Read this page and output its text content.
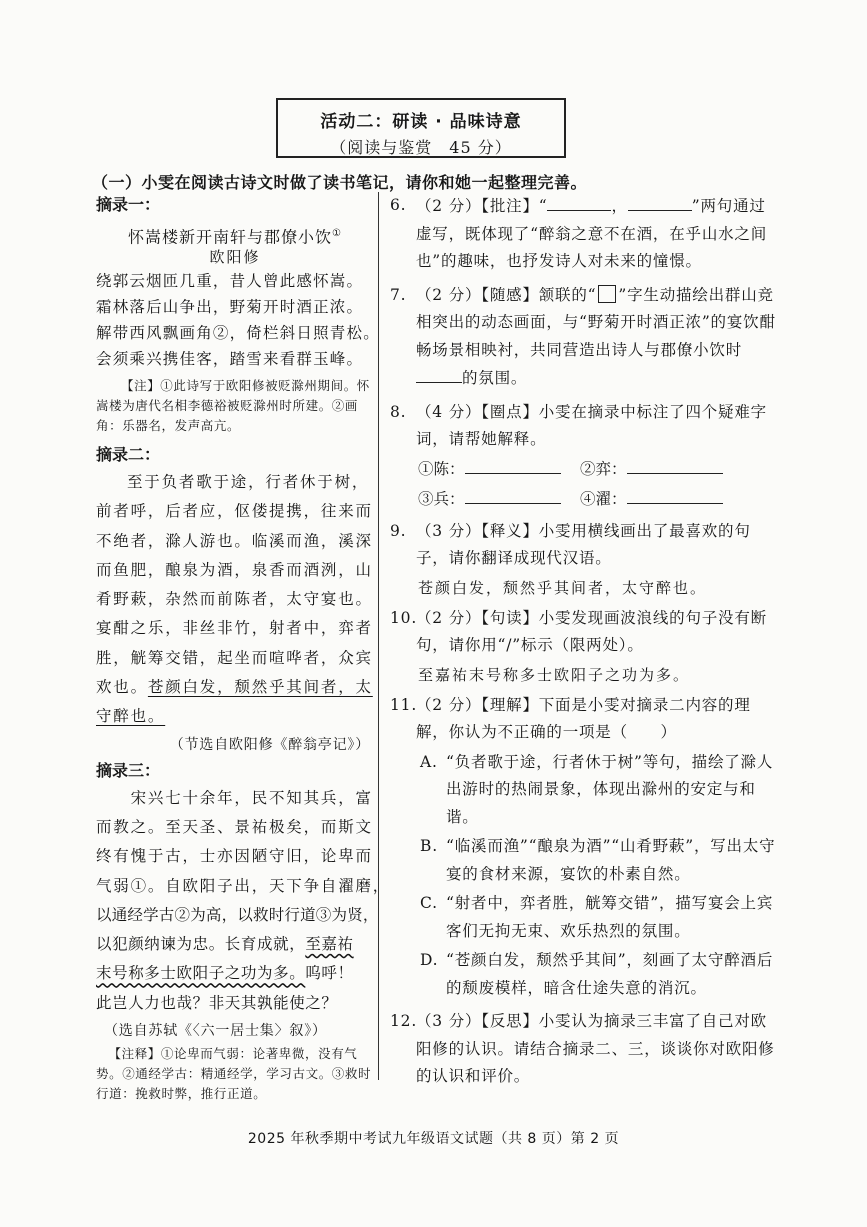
活动二：研读 · 品味诗意
（阅读与鉴赏　45 分）
（一）小雯在阅读古诗文时做了读书笔记，请你和她一起整理完善。
摘录一：
怀嵩楼新开南轩与郡僚小饮①
欧阳修
绕郭云烟匝几重，昔人曾此感怀嵩。
霜林落后山争出，野菊开时酒正浓。
解带西风飘画角②，倚栏斜日照青松。
会须乘兴携佳客，踏雪来看群玉峰。
【注】①此诗写于欧阳修被贬滁州期间。怀嵩楼为唐代名相李德裕被贬滁州时所建。②画角：乐器名，发声高亢。
摘录二：
至于负者歌于途，行者休于树，
前者呼，后者应，伛偻提携，往来而
不绝者，滁人游也。临溪而渔，溪深
而鱼肥，酿泉为酒，泉香而酒洌，山
肴野蔌，杂然而前陈者，太守宴也。
宴酣之乐，非丝非竹，射者中，弈者
胜，觥筹交错，起坐而喧哗者，众宾
欢也。苍颜白发，颓然乎其间者，太
守醉也。
（节选自欧阳修《醉翁亭记》）
摘录三：
　　宋兴七十余年，民不知其兵，富
而教之。至天圣、景祐极矣，而斯文
终有愧于古，士亦因陋守旧，论卑而
气弱①。自欧阳子出，天下争自濯磨，
以通经学古②为高，以救时行道③为贤，
以犯颜纳谏为忠。长育成就，至嘉祐
末号称多士欧阳子之功为多。呜呼！
此岂人力也哉？非天其孰能使之？
（选自苏轼《〈六一居士集〉叙》）
【注释】①论卑而气弱：论著卑微，没有气势。②通经学古：精通经学，学习古文。③救时行道：挽救时弊，推行正道。
6. （2 分）【批注】“	，	”两句通过虚写，既体现了“醉翁之意不在酒，在乎山水之间也”的趣味，也抒发诗人对未来的憧憬。
7. （2 分）【随感】颔联的“ ”字生动描绘出群山竞相突出的动态画面，与“野菊开时酒正浓”的宴饮酣畅场景相映衬，共同营造出诗人与郡僚小饮时的氛围。
8. （4 分）【圈点】小雯在摘录中标注了四个疑难字词，请帮她解释。
①陈：	②弈：
③兵：	④濯：
9. （3 分）【释义】小雯用横线画出了最喜欢的句子，请你翻译成现代汉语。
苍颜白发，颓然乎其间者，太守醉也。
10.
（2 分）【句读】小雯发现画波浪线的句子没有断句，请你用“/”标示（限两处）。
至嘉祐末号称多士欧阳子之功为多。
11.
（2 分）【理解】下面是小雯对摘录二内容的理解，你认为不正确的一项是（　　）
A. “负者歌于途，行者休于树”等句，描绘了滁人出游时的热闹景象，体现出滁州的安定与和谐。
B. “临溪而渔”“酿泉为酒”“山肴野蔌”，写出太守宴的食材来源，宴饮的朴素自然。
C. “射者中，弈者胜，觥筹交错”，描写宴会上宾客们无拘无束、欢乐热烈的氛围。
D. “苍颜白发，颓然乎其间”，刻画了太守醉酒后的颓废模样，暗含仕途失意的消沉。
12.
（3 分）【反思】小雯认为摘录三丰富了自己对欧阳修的认识。请结合摘录二、三，谈谈你对欧阳修的认识和评价。
2025 年秋季期中考试九年级语文试题（共 8 页）第 2 页
